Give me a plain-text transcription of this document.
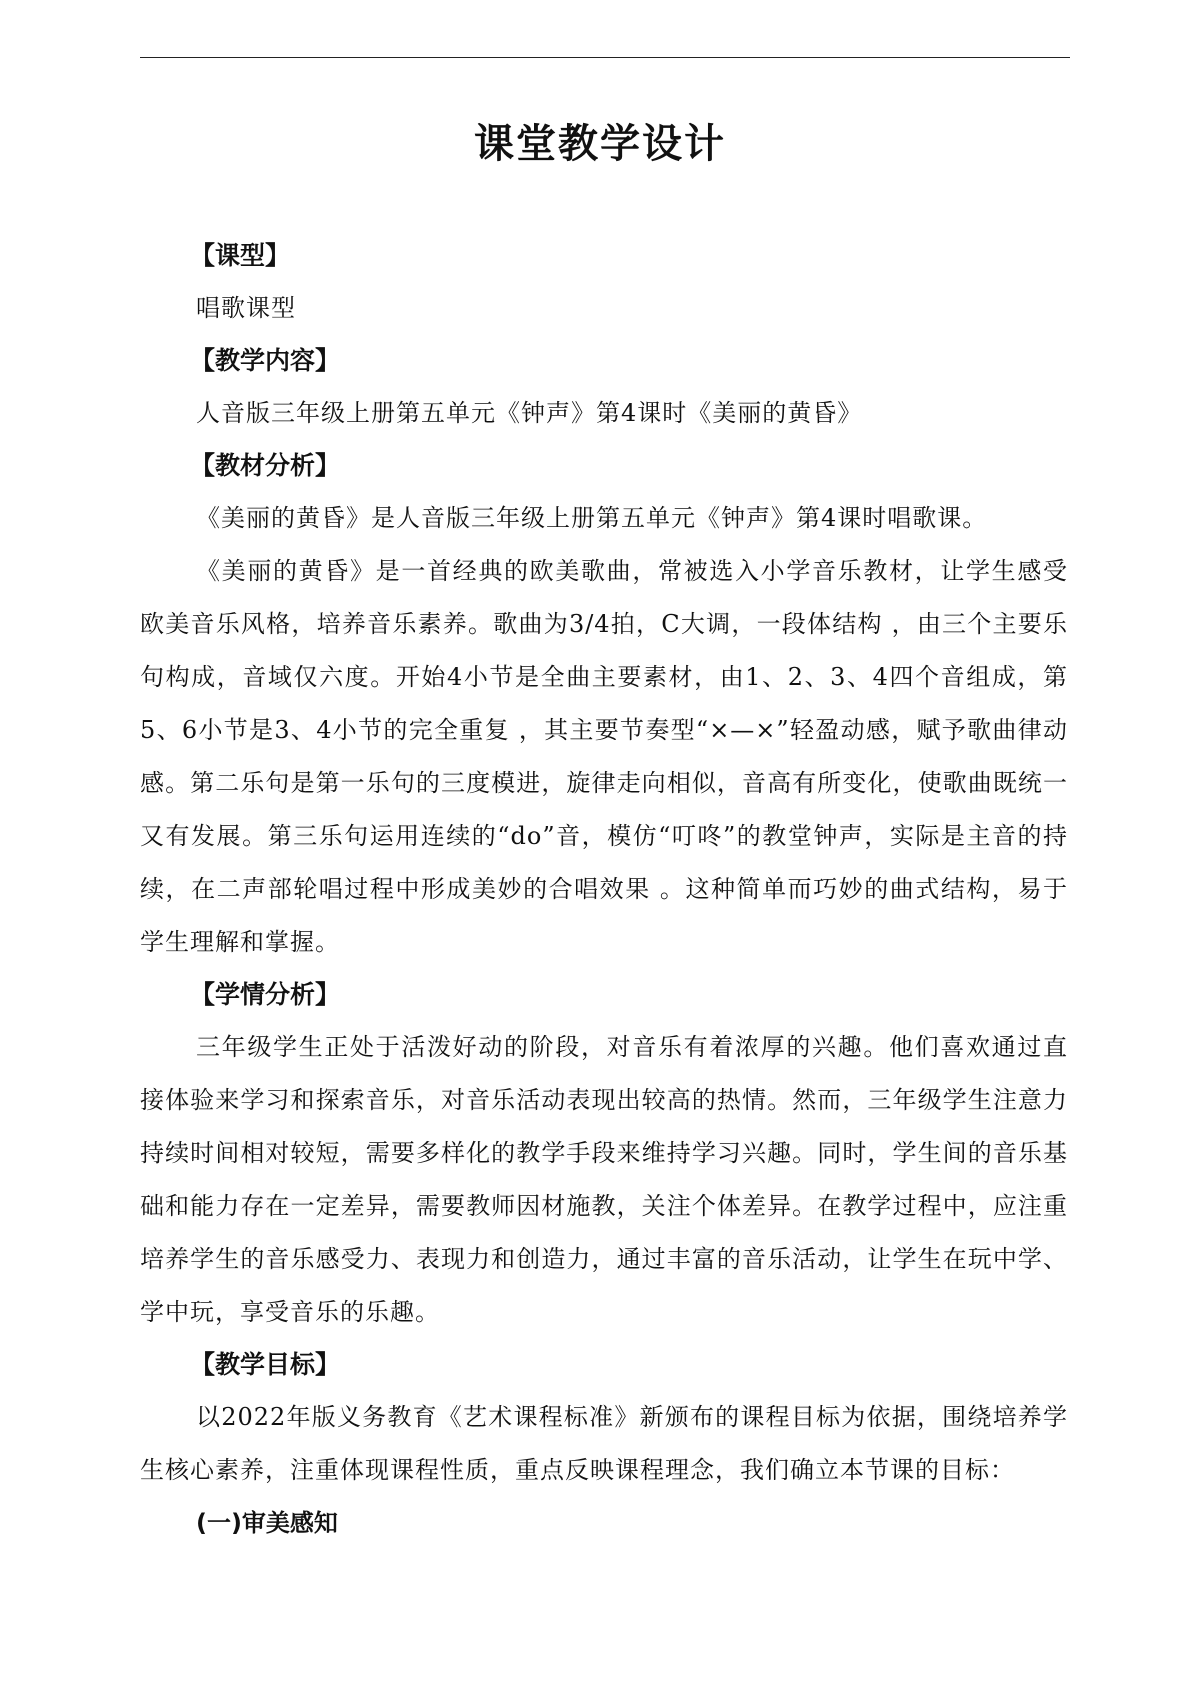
课堂教学设计
【课型】

唱歌课型

【教学内容】

人音版三年级上册第五单元《钟声》第4课时《美丽的黄昏》

【教材分析】

《美丽的黄昏》是人音版三年级上册第五单元《钟声》第4课时唱歌课。

《美丽的黄昏》是一首经典的欧美歌曲，常被选入小学音乐教材，让学生感受欧美音乐风格，培养音乐素养。歌曲为3/4拍，C大调，一段体结构 ，由三个主要乐句构成，音域仅六度。开始4小节是全曲主要素材，由1、2、3、4四个音组成，第5、6小节是3、4小节的完全重复 ，其主要节奏型“×—×”轻盈动感，赋予歌曲律动感。第二乐句是第一乐句的三度模进，旋律走向相似，音高有所变化，使歌曲既统一又有发展。第三乐句运用连续的“do”音，模仿“叮咚”的教堂钟声，实际是主音的持续，在二声部轮唱过程中形成美妙的合唱效果 。这种简单而巧妙的曲式结构，易于学生理解和掌握。

【学情分析】

三年级学生正处于活泼好动的阶段，对音乐有着浓厚的兴趣。他们喜欢通过直接体验来学习和探索音乐，对音乐活动表现出较高的热情。然而，三年级学生注意力持续时间相对较短，需要多样化的教学手段来维持学习兴趣。同时，学生间的音乐基础和能力存在一定差异，需要教师因材施教，关注个体差异。在教学过程中，应注重培养学生的音乐感受力、表现力和创造力，通过丰富的音乐活动，让学生在玩中学、学中玩，享受音乐的乐趣。

【教学目标】

以2022年版义务教育《艺术课程标准》新颁布的课程目标为依据，围绕培养学生核心素养，注重体现课程性质，重点反映课程理念，我们确立本节课的目标：

(一)审美感知
